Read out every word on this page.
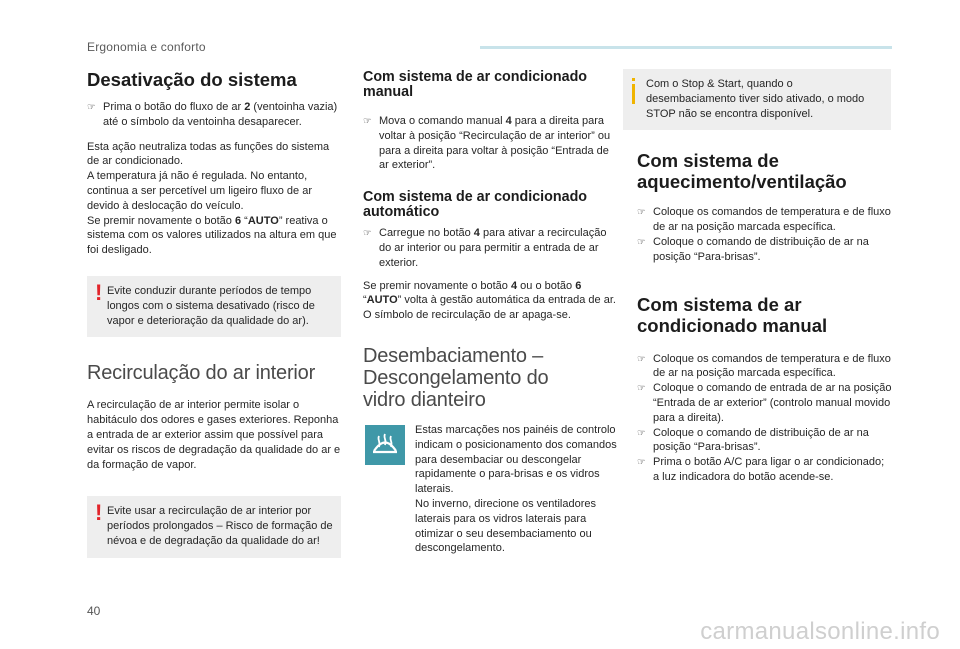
Ergonomia e conforto
Desativação do sistema
☞ Prima o botão do fluxo de ar 2 (ventoinha vazia) até o símbolo da ventoinha desaparecer.
Esta ação neutraliza todas as funções do sistema de ar condicionado.
A temperatura já não é regulada. No entanto, continua a ser percetível um ligeiro fluxo de ar devido à deslocação do veículo.
Se premir novamente o botão 6 “AUTO” reativa o sistema com os valores utilizados na altura em que foi desligado.
! Evite conduzir durante períodos de tempo longos com o sistema desativado (risco de vapor e deterioração da qualidade do ar).
Recirculação do ar interior
A recirculação de ar interior permite isolar o habitáculo dos odores e gases exteriores. Reponha a entrada de ar exterior assim que possível para evitar os riscos de degradação da qualidade do ar e da formação de vapor.
! Evite usar a recirculação de ar interior por períodos prolongados – Risco de formação de névoa e de degradação da qualidade do ar!
Com sistema de ar condicionado manual
☞ Mova o comando manual 4 para a direita para voltar à posição “Recirculação de ar interior” ou para a direita para voltar à posição “Entrada de ar exterior”.
Com sistema de ar condicionado automático
☞ Carregue no botão 4 para ativar a recirculação do ar interior ou para permitir a entrada de ar exterior.
Se premir novamente o botão 4 ou o botão 6 “AUTO” volta à gestão automática da entrada de ar. O símbolo de recirculação de ar apaga-se.
Desembaciamento – Descongelamento do vidro dianteiro
Estas marcações nos painéis de controlo indicam o posicionamento dos comandos para desembaciar ou descongelar rapidamente o para-brisas e os vidros laterais.
No inverno, direcione os ventiladores laterais para os vidros laterais para otimizar o seu desembaciamento ou descongelamento.
Com o Stop & Start, quando o desembaciamento tiver sido ativado, o modo STOP não se encontra disponível.
Com sistema de aquecimento/ventilação
☞ Coloque os comandos de temperatura e de fluxo de ar na posição marcada específica.
☞ Coloque o comando de distribuição de ar na posição “Para-brisas”.
Com sistema de ar condicionado manual
☞ Coloque os comandos de temperatura e de fluxo de ar na posição marcada específica.
☞ Coloque o comando de entrada de ar na posição “Entrada de ar exterior” (controlo manual movido para a direita).
☞ Coloque o comando de distribuição de ar na posição “Para-brisas”.
☞ Prima o botão A/C para ligar o ar condicionado; a luz indicadora do botão acende-se.
40
carmanualsonline.info
